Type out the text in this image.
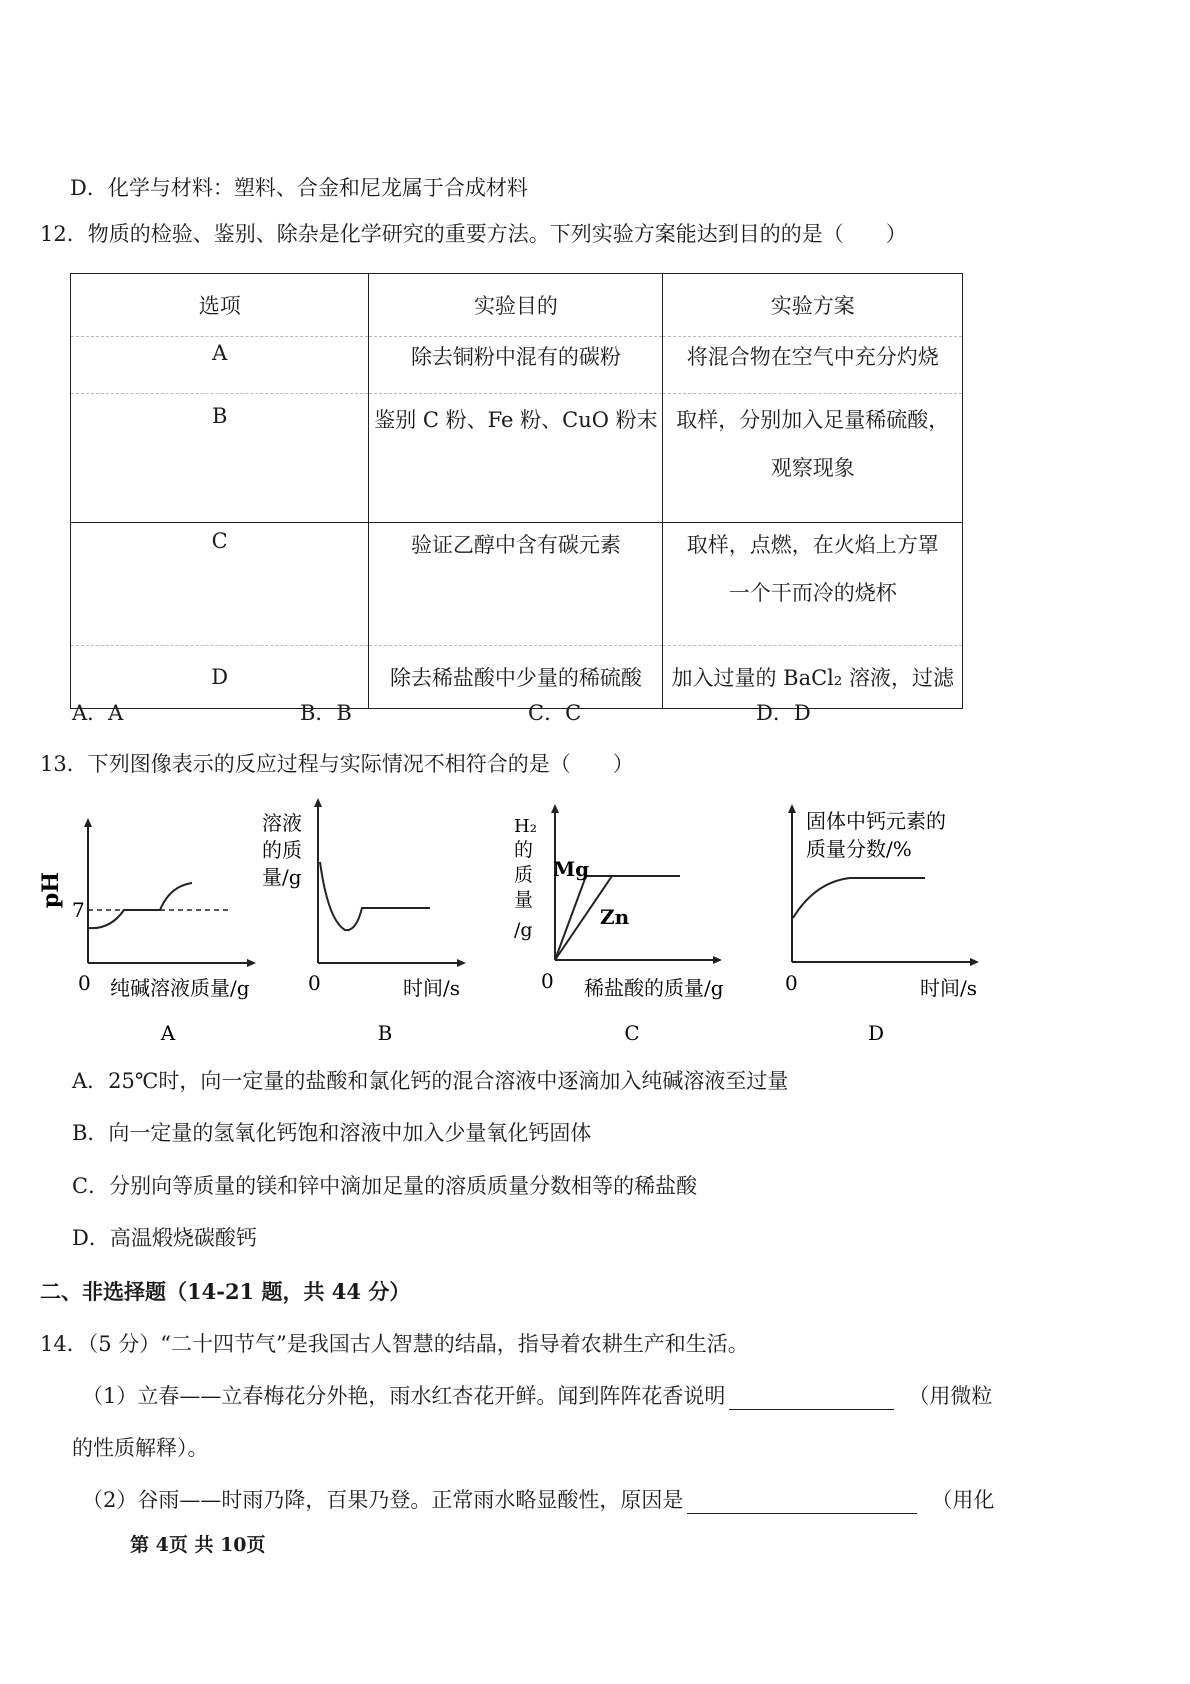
D．化学与材料：塑料、合金和尼龙属于合成材料
12．物质的检验、鉴别、除杂是化学研究的重要方法。下列实验方案能达到目的的是（　　）
选项	实验目的	实验方案
A	除去铜粉中混有的碳粉	将混合物在空气中充分灼烧
B	鉴别 C 粉、Fe 粉、CuO 粉末	取样，分别加入足量稀硫酸，
观察现象

C	验证乙醇中含有碳元素	取样，点燃，在火焰上方罩
一个干而冷的烧杯

D	除去稀盐酸中少量的稀硫酸	加入过量的 BaCl₂ 溶液，过滤
A．A	B．B	C．C	D．D
13．下列图像表示的反应过程与实际情况不相符合的是（　　）
pH
7
0 纯碱溶液质量/g
A
溶液
的质
量/g
0	时间/s
B
H₂
的
质
量
/g
Mg
Zn
0 稀盐酸的质量/g
C
固体中钙元素的
质量分数/%
0	时间/s
D
A．25℃时，向一定量的盐酸和氯化钙的混合溶液中逐滴加入纯碱溶液至过量
B．向一定量的氢氧化钙饱和溶液中加入少量氧化钙固体
C．分别向等质量的镁和锌中滴加足量的溶质质量分数相等的稀盐酸
D．高温煅烧碳酸钙
二、非选择题（14-21 题，共 44 分）
14．（5 分）“二十四节气”是我国古人智慧的结晶，指导着农耕生产和生活。
（1）立春——立春梅花分外艳，雨水红杏花开鲜。闻到阵阵花香说明	（用微粒
的性质解释）。
（2）谷雨——时雨乃降，百果乃登。正常雨水略显酸性，原因是	（用化
第 4页 共 10页
